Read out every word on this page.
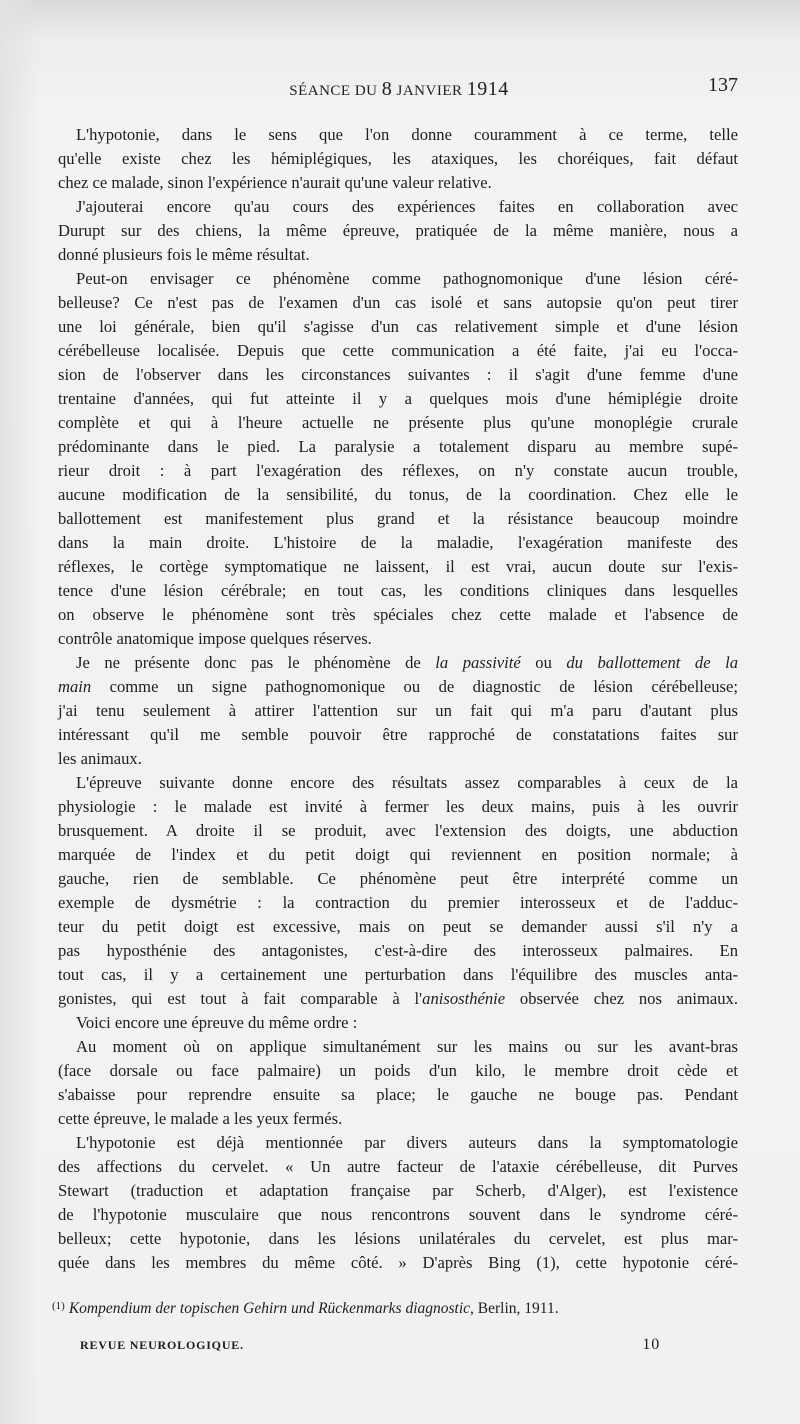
SÉANCE DU 8 JANVIER 1914	137
L'hypotonie, dans le sens que l'on donne couramment à ce terme, telle
qu'elle existe chez les hémiplégiques, les ataxiques, les choréiques, fait défaut
chez ce malade, sinon l'expérience n'aurait qu'une valeur relative.
J'ajouterai encore qu'au cours des expériences faites en collaboration avec
Durupt sur des chiens, la même épreuve, pratiquée de la même manière, nous a
donné plusieurs fois le même résultat.
Peut-on envisager ce phénomène comme pathognomonique d'une lésion céré-
belleuse? Ce n'est pas de l'examen d'un cas isolé et sans autopsie qu'on peut tirer
une loi générale, bien qu'il s'agisse d'un cas relativement simple et d'une lésion
cérébelleuse localisée. Depuis que cette communication a été faite, j'ai eu l'occa-
sion de l'observer dans les circonstances suivantes : il s'agit d'une femme d'une
trentaine d'années, qui fut atteinte il y a quelques mois d'une hémiplégie droite
complète et qui à l'heure actuelle ne présente plus qu'une monoplégie crurale
prédominante dans le pied. La paralysie a totalement disparu au membre supé-
rieur droit : à part l'exagération des réflexes, on n'y constate aucun trouble,
aucune modification de la sensibilité, du tonus, de la coordination. Chez elle le
ballottement est manifestement plus grand et la résistance beaucoup moindre
dans la main droite. L'histoire de la maladie, l'exagération manifeste des
réflexes, le cortège symptomatique ne laissent, il est vrai, aucun doute sur l'exis-
tence d'une lésion cérébrale; en tout cas, les conditions cliniques dans lesquelles
on observe le phénomène sont très spéciales chez cette malade et l'absence de
contrôle anatomique impose quelques réserves.
Je ne présente donc pas le phénomène de la passivité ou du ballottement de la
main comme un signe pathognomonique ou de diagnostic de lésion cérébelleuse;
j'ai tenu seulement à attirer l'attention sur un fait qui m'a paru d'autant plus
intéressant qu'il me semble pouvoir être rapproché de constatations faites sur
les animaux.
L'épreuve suivante donne encore des résultats assez comparables à ceux de la
physiologie : le malade est invité à fermer les deux mains, puis à les ouvrir
brusquement. A droite il se produit, avec l'extension des doigts, une abduction
marquée de l'index et du petit doigt qui reviennent en position normale; à
gauche, rien de semblable. Ce phénomène peut être interprété comme un
exemple de dysmétrie : la contraction du premier interosseux et de l'adduc-
teur du petit doigt est excessive, mais on peut se demander aussi s'il n'y a
pas hyposthénie des antagonistes, c'est-à-dire des interosseux palmaires. En
tout cas, il y a certainement une perturbation dans l'équilibre des muscles anta-
gonistes, qui est tout à fait comparable à l'anisosthénie observée chez nos animaux.
Voici encore une épreuve du même ordre :
Au moment où on applique simultanément sur les mains ou sur les avant-bras
(face dorsale ou face palmaire) un poids d'un kilo, le membre droit cède et
s'abaisse pour reprendre ensuite sa place; le gauche ne bouge pas. Pendant
cette épreuve, le malade a les yeux fermés.
L'hypotonie est déjà mentionnée par divers auteurs dans la symptomatologie
des affections du cervelet. « Un autre facteur de l'ataxie cérébelleuse, dit Purves
Stewart (traduction et adaptation française par Scherb, d'Alger), est l'existence
de l'hypotonie musculaire que nous rencontrons souvent dans le syndrome céré-
belleux; cette hypotonie, dans les lésions unilatérales du cervelet, est plus mar-
quée dans les membres du même côté. » D'après Bing (1), cette hypotonie céré-
$^{(1)}$ Kompendium der topischen Gehirn und Rückenmarks diagnostic, Berlin, 1911.
REVUE NEUROLOGIQUE.	10
